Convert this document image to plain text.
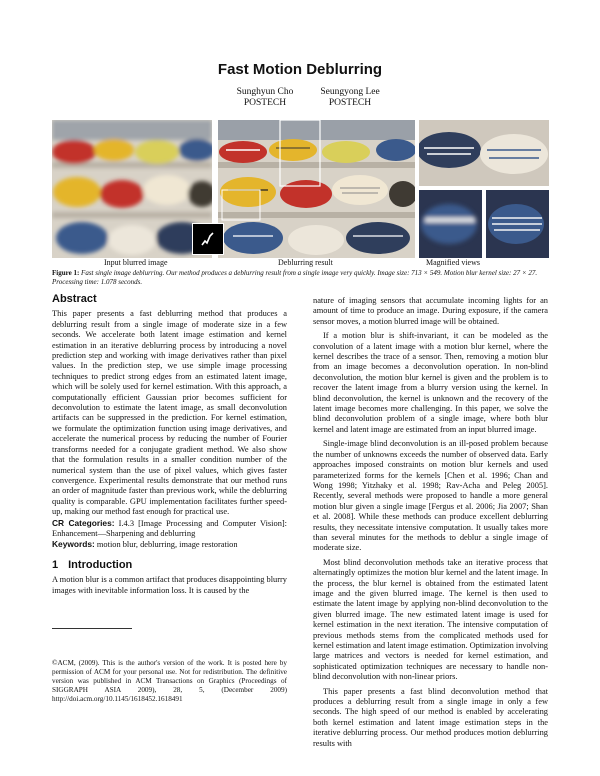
Fast Motion Deblurring
Sunghyun Cho
POSTECH
Seungyong Lee
POSTECH
Input blurred image	Deblurring result	Magnified views
Figure 1: Fast single image deblurring. Our method produces a deblurring result from a single image very quickly. Image size: 713 × 549. Motion blur kernel size: 27 × 27. Processing time: 1.078 seconds.
Abstract

This paper presents a fast deblurring method that produces a deblurring result from a single image of moderate size in a few seconds. We accelerate both latent image estimation and kernel estimation in an iterative deblurring process by introducing a novel prediction step and working with image derivatives rather than pixel values. In the prediction step, we use simple image processing techniques to predict strong edges from an estimated latent image, which will be solely used for kernel estimation. With this approach, a computationally efficient Gaussian prior becomes sufficient for deconvolution to estimate the latent image, as small deconvolution artifacts can be suppressed in the prediction. For kernel estimation, we formulate the optimization function using image derivatives, and accelerate the numerical process by reducing the number of Fourier transforms needed for a conjugate gradient method. We also show that the formulation results in a smaller condition number of the numerical system than the use of pixel values, which gives faster convergence. Experimental results demonstrate that our method runs an order of magnitude faster than previous work, while the deblurring quality is comparable. GPU implementation facilitates further speed-up, making our method fast enough for practical use.

CR Categories: I.4.3 [Image Processing and Computer Vision]: Enhancement—Sharpening and deblurring

Keywords: motion blur, deblurring, image restoration

1 Introduction

A motion blur is a common artifact that produces disappointing blurry images with inevitable information loss. It is caused by the

©ACM, (2009). This is the author's version of the work. It is posted here by permission of ACM for your personal use. Not for redistribution. The definitive version was published in ACM Transactions on Graphics (Proceedings of SIGGRAPH ASIA 2009), 28, 5, (December 2009) http://doi.acm.org/10.1145/1618452.1618491

nature of imaging sensors that accumulate incoming lights for an amount of time to produce an image. During exposure, if the camera sensor moves, a motion blurred image will be obtained.

If a motion blur is shift-invariant, it can be modeled as the convolution of a latent image with a motion blur kernel, where the kernel describes the trace of a sensor. Then, removing a motion blur from an image becomes a deconvolution operation. In non-blind deconvolution, the motion blur kernel is given and the problem is to recover the latent image from a blurry version using the kernel. In blind deconvolution, the kernel is unknown and the recovery of the latent image becomes more challenging. In this paper, we solve the blind deconvolution problem of a single image, where both blur kernel and latent image are estimated from an input blurred image.

Single-image blind deconvolution is an ill-posed problem because the number of unknowns exceeds the number of observed data. Early approaches imposed constraints on motion blur kernels and used parameterized forms for the kernels [Chen et al. 1996; Chan and Wong 1998; Yitzhaky et al. 1998; Rav-Acha and Peleg 2005]. Recently, several methods were proposed to handle a more general motion blur given a single image [Fergus et al. 2006; Jia 2007; Shan et al. 2008]. While these methods can produce excellent deblurring results, they necessitate intensive computation. It usually takes more than several minutes for the methods to deblur a single image of moderate size.

Most blind deconvolution methods take an iterative process that alternatingly optimizes the motion blur kernel and the latent image. In the process, the blur kernel is obtained from the estimated latent image and the given blurred image. The kernel is then used to estimate the latent image by applying non-blind deconvolution to the given blurred image. The new estimated latent image is used for kernel estimation in the next iteration. The intensive computation of previous methods stems from the complicated methods used for kernel estimation and latent image estimation. Optimization involving large matrices and vectors is needed for kernel estimation, and sophisticated optimization techniques are necessary to handle non-blind deconvolution with non-linear priors.

This paper presents a fast blind deconvolution method that produces a deblurring result from a single image in only a few seconds. The high speed of our method is enabled by accelerating both kernel estimation and latent image estimation steps in the iterative deblurring process. Our method produces motion deblurring results with
